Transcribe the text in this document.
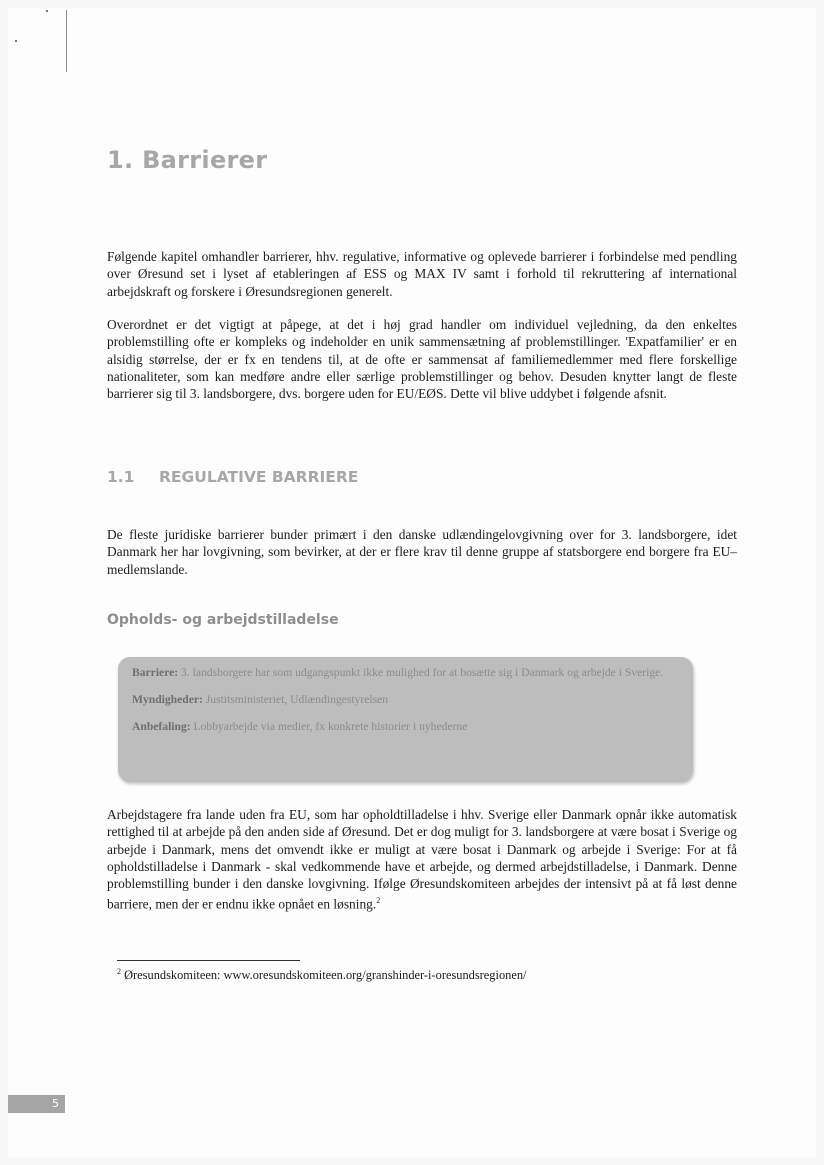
1. Barrierer

Følgende kapitel omhandler barrierer, hhv. regulative, informative og oplevede barrierer i forbindelse med pendling over Øresund set i lyset af etableringen af ESS og MAX IV samt i forhold til rekruttering af international arbejdskraft og forskere i Øresundsregionen generelt.

Overordnet er det vigtigt at påpege, at det i høj grad handler om individuel vejledning, da den enkeltes problemstilling ofte er kompleks og indeholder en unik sammensætning af problemstillinger. 'Expatfamilier' er en alsidig størrelse, der er fx en tendens til, at de ofte er sammensat af familiemedlemmer med flere forskellige nationaliteter, som kan medføre andre eller særlige problemstillinger og behov. Desuden knytter langt de fleste barrierer sig til 3. landsborgere, dvs. borgere uden for EU/EØS. Dette vil blive uddybet i følgende afsnit.

1.1 REGULATIVE BARRIERE

De fleste juridiske barrierer bunder primært i den danske udlændingelovgivning over for 3. landsborgere, idet Danmark her har lovgivning, som bevirker, at der er flere krav til denne gruppe af statsborgere end borgere fra EU–medlemslande.

Opholds- og arbejdstilladelse

Barriere: 3. landsborgere har som udgangspunkt ikke mulighed for at bosætte sig i Danmark og arbejde i Sverige.

Myndigheder: Justitsministeriet, Udlændingestyrelsen

Anbefaling: Lobbyarbejde via medier, fx konkrete historier i nyhederne

Arbejdstagere fra lande uden fra EU, som har opholdtilladelse i hhv. Sverige eller Danmark opnår ikke automatisk rettighed til at arbejde på den anden side af Øresund. Det er dog muligt for 3. landsborgere at være bosat i Sverige og arbejde i Danmark, mens det omvendt ikke er muligt at være bosat i Danmark og arbejde i Sverige: For at få opholdstilladelse i Danmark - skal vedkommende have et arbejde, og dermed arbejdstilladelse, i Danmark. Denne problemstilling bunder i den danske lovgivning. Ifølge Øresundskomiteen arbejdes der intensivt på at få løst denne barriere, men der er endnu ikke opnået en løsning.$^2$

$^2$ Øresundskomiteen: www.oresundskomiteen.org/granshinder-i-oresundsregionen/

5
